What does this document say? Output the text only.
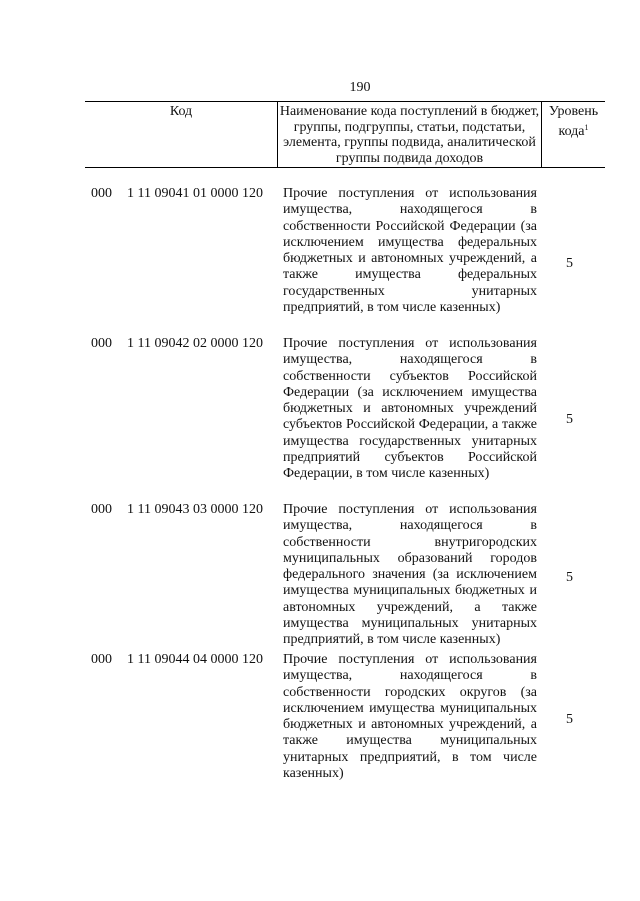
190
Код	Наименование кода поступлений в бюджет, группы, подгруппы, статьи, подстатьи, элемента, группы подвида, аналитической группы подвида доходов
Уровень кода$^1$
000 1 11 09041 01 0000 120 Прочие поступления от использования имущества, находящегося в собственности Российской Федерации (за исключением имущества федеральных бюджетных и автономных учреждений, а также имущества федеральных государственных унитарных предприятий, в том числе казенных)
5
000 1 11 09042 02 0000 120 Прочие поступления от использования имущества, находящегося в собственности субъектов Российской Федерации (за исключением имущества бюджетных и автономных учреждений субъектов Российской Федерации, а также имущества государственных унитарных предприятий субъектов Российской Федерации, в том числе казенных)
5
000 1 11 09043 03 0000 120 Прочие поступления от использования имущества, находящегося в собственности внутригородских муниципальных образований городов федерального значения (за исключением имущества муниципальных бюджетных и автономных учреждений, а также имущества муниципальных унитарных предприятий, в том числе казенных)
5
000 1 11 09044 04 0000 120 Прочие поступления от использования имущества, находящегося в собственности городских округов (за исключением имущества муниципальных бюджетных и автономных учреждений, а также имущества муниципальных унитарных предприятий, в том числе казенных)
5
